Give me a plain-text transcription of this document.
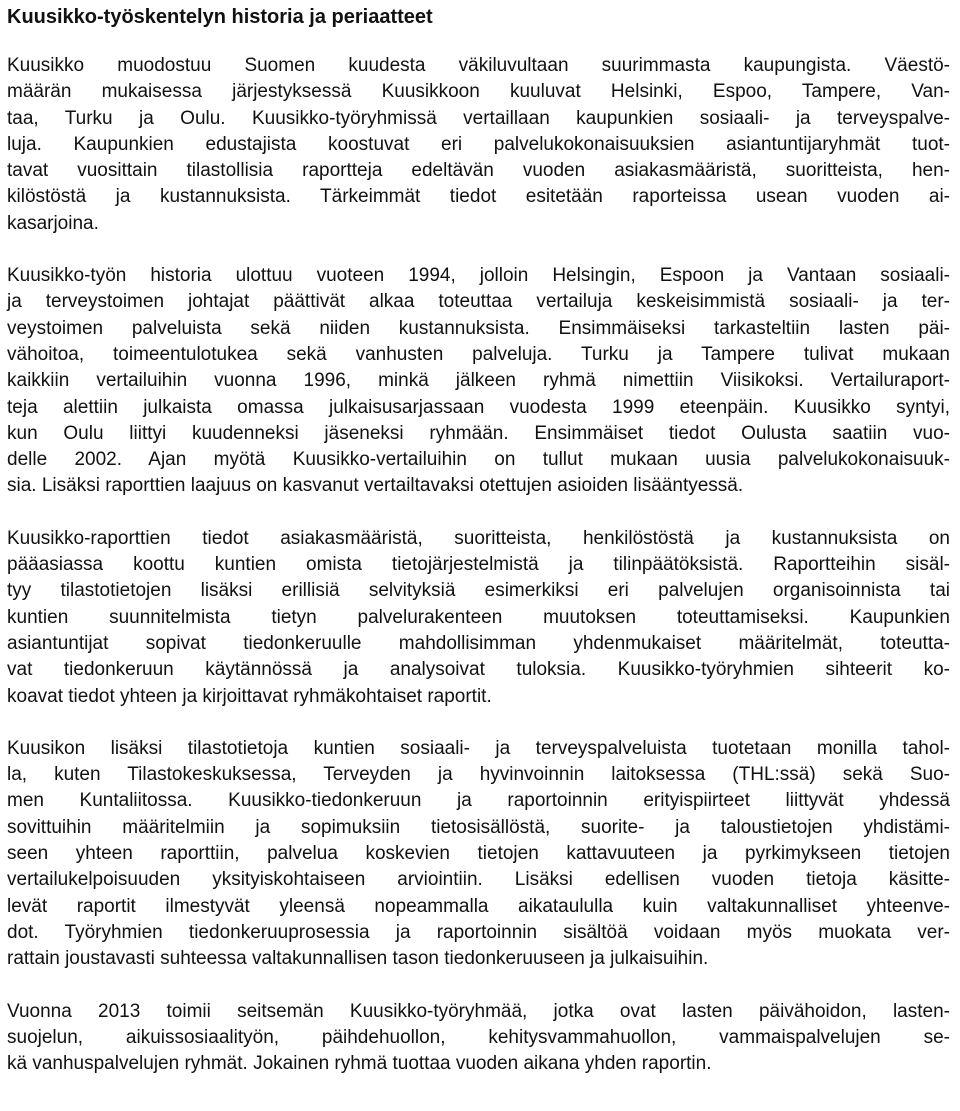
Kuusikko-työskentelyn historia ja periaatteet

Kuusikko muodostuu Suomen kuudesta väkiluvultaan suurimmasta kaupungista. Väestö-

määrän mukaisessa järjestyksessä Kuusikkoon kuuluvat Helsinki, Espoo, Tampere, Van-

taa, Turku ja Oulu. Kuusikko-työryhmissä vertaillaan kaupunkien sosiaali- ja terveyspalve-

luja. Kaupunkien edustajista koostuvat eri palvelukokonaisuuksien asiantuntijaryhmät tuot-

tavat vuosittain tilastollisia raportteja edeltävän vuoden asiakasmääristä, suoritteista, hen-

kilöstöstä ja kustannuksista. Tärkeimmät tiedot esitetään raporteissa usean vuoden ai-

kasarjoina.

Kuusikko-työn historia ulottuu vuoteen 1994, jolloin Helsingin, Espoon ja Vantaan sosiaali-

ja terveystoimen johtajat päättivät alkaa toteuttaa vertailuja keskeisimmistä sosiaali- ja ter-

veystoimen palveluista sekä niiden kustannuksista. Ensimmäiseksi tarkasteltiin lasten päi-

vähoitoa, toimeentulotukea sekä vanhusten palveluja. Turku ja Tampere tulivat mukaan

kaikkiin vertailuihin vuonna 1996, minkä jälkeen ryhmä nimettiin Viisikoksi. Vertailuraport-

teja alettiin julkaista omassa julkaisusarjassaan vuodesta 1999 eteenpäin. Kuusikko syntyi,

kun Oulu liittyi kuudenneksi jäseneksi ryhmään. Ensimmäiset tiedot Oulusta saatiin vuo-

delle 2002. Ajan myötä Kuusikko-vertailuihin on tullut mukaan uusia palvelukokonaisuuk-

sia. Lisäksi raporttien laajuus on kasvanut vertailtavaksi otettujen asioiden lisääntyessä.

Kuusikko-raporttien tiedot asiakasmääristä, suoritteista, henkilöstöstä ja kustannuksista on

pääasiassa koottu kuntien omista tietojärjestelmistä ja tilinpäätöksistä. Raportteihin sisäl-

tyy tilastotietojen lisäksi erillisiä selvityksiä esimerkiksi eri palvelujen organisoinnista tai

kuntien suunnitelmista tietyn palvelurakenteen muutoksen toteuttamiseksi. Kaupunkien

asiantuntijat sopivat tiedonkeruulle mahdollisimman yhdenmukaiset määritelmät, toteutta-

vat tiedonkeruun käytännössä ja analysoivat tuloksia. Kuusikko-työryhmien sihteerit ko-

koavat tiedot yhteen ja kirjoittavat ryhmäkohtaiset raportit.

Kuusikon lisäksi tilastotietoja kuntien sosiaali- ja terveyspalveluista tuotetaan monilla tahol-

la, kuten Tilastokeskuksessa, Terveyden ja hyvinvoinnin laitoksessa (THL:ssä) sekä Suo-

men Kuntaliitossa. Kuusikko-tiedonkeruun ja raportoinnin erityispiirteet liittyvät yhdessä

sovittuihin määritelmiin ja sopimuksiin tietosisällöstä, suorite- ja taloustietojen yhdistämi-

seen yhteen raporttiin, palvelua koskevien tietojen kattavuuteen ja pyrkimykseen tietojen

vertailukelpoisuuden yksityiskohtaiseen arviointiin. Lisäksi edellisen vuoden tietoja käsitte-

levät raportit ilmestyvät yleensä nopeammalla aikataululla kuin valtakunnalliset yhteenve-

dot. Työryhmien tiedonkeruuprosessia ja raportoinnin sisältöä voidaan myös muokata ver-

rattain joustavasti suhteessa valtakunnallisen tason tiedonkeruuseen ja julkaisuihin.

Vuonna 2013 toimii seitsemän Kuusikko-työryhmää, jotka ovat lasten päivähoidon, lasten-

suojelun, aikuissosiaalityön, päihdehuollon, kehitysvammahuollon, vammaispalvelujen se-

kä vanhuspalvelujen ryhmät. Jokainen ryhmä tuottaa vuoden aikana yhden raportin.
